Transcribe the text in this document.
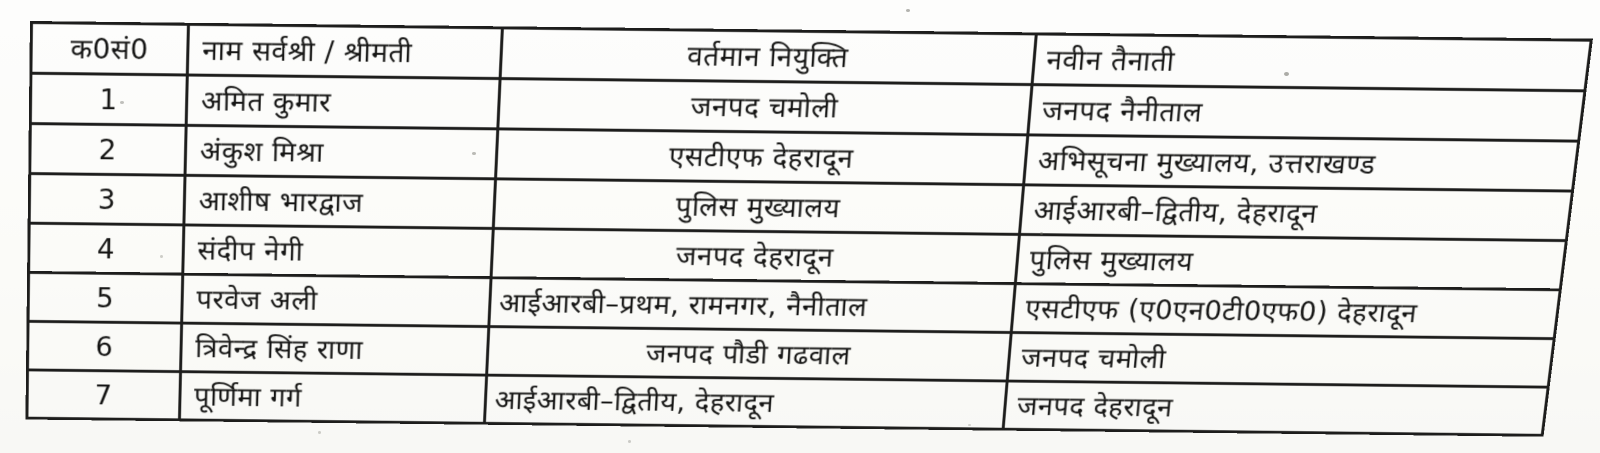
क0सं0	नाम सर्वश्री / श्रीमती	वर्तमान नियुक्ति	नवीन तैनाती
1	अमित कुमार	जनपद चमोली	जनपद नैनीताल
2	अंकुश मिश्रा	एसटीएफ देहरादून	अभिसूचना मुख्यालय, उत्तराखण्ड
3	आशीष भारद्वाज	पुलिस मुख्यालय	आईआरबी–द्वितीय, देहरादून
4	संदीप नेगी	जनपद देहरादून	पुलिस मुख्यालय
5	परवेज अली	आईआरबी–प्रथम, रामनगर, नैनीताल	एसटीएफ (ए0एन0टी0एफ0) देहरादून
6	त्रिवेन्द्र सिंह राणा	जनपद पौडी गढवाल	जनपद चमोली
7	पूर्णिमा गर्ग	आईआरबी–द्वितीय, देहरादून	जनपद देहरादून
